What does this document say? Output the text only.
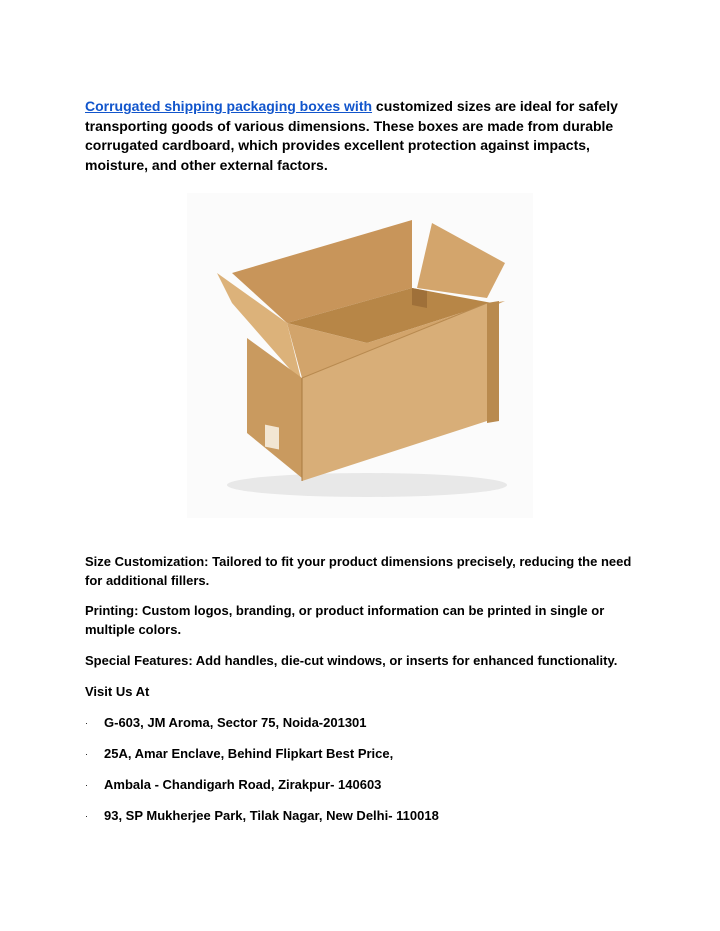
Corrugated shipping packaging boxes with customized sizes are ideal for safely transporting goods of various dimensions. These boxes are made from durable corrugated cardboard, which provides excellent protection against impacts, moisture, and other external factors.

Size Customization: Tailored to fit your product dimensions precisely, reducing the need for additional fillers.

Printing: Custom logos, branding, or product information can be printed in single or multiple colors.

Special Features: Add handles, die-cut windows, or inserts for enhanced functionality.

Visit Us At

· G-603, JM Aroma, Sector 75, Noida-201301

· 25A, Amar Enclave, Behind Flipkart Best Price,

· Ambala - Chandigarh Road, Zirakpur- 140603

· 93, SP Mukherjee Park, Tilak Nagar, New Delhi- 110018
